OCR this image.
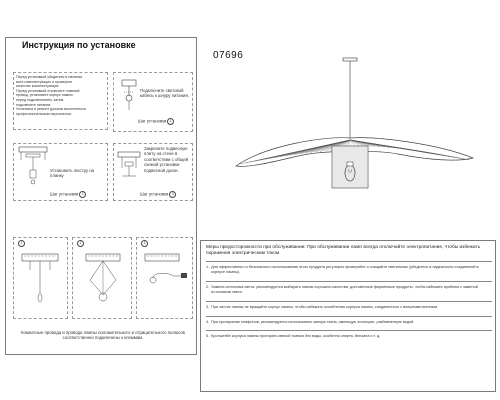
Инструкция по установке
07696
Перед установкой убедитесь в наличии
всех комплектующих и проверьте
качество комплектующих.
Перед установкой отключите главный
провод, установите корпус лампы
перед подключением, затем
подключите питание.
Установка и ремонт должны выполняться
профессиональным персоналом.
Подключите световой кабель к шнуру питания.
Шаг установки 1
Установить люстру на планку
Шаг установки 2
Закрепите подвесную плиту на стене в соответствии с общей схемой установки подвесной доски.
Шаг установки 3
1	2	3
Комнатные провода и провода лампы положительного и отрицательного полюсов соответственно подключены к клеммам.
Меры предосторожности при обслуживании: При обслуживании ламп всегда отключайте электропитание, чтобы избежать поражения электрическим током
1. Для эффективного и безопасного использования этого продукта регулярно проверяйте и очищайте светильник (убедитесь в надежности соединений в корпусе лампы).
2. Замена источника света: рекомендуется выбирать лампы хорошего качества, долговечные фирменные продукты, чтобы избежать проблем с заменой источников света.
3. При чистке лампы не вращайте корпус лампы, чтобы избежать ослабления корпуса лампы, соединенного с внешними винтами.
4. При протирании плафонов, рекомендуется использовать мягкую ткань, имеющую эссенцию, разбавленную водой.
5. Кронштейн корпуса лампы протирать мягкой тканью без воды, особенно спирта, бензина и т. д.
